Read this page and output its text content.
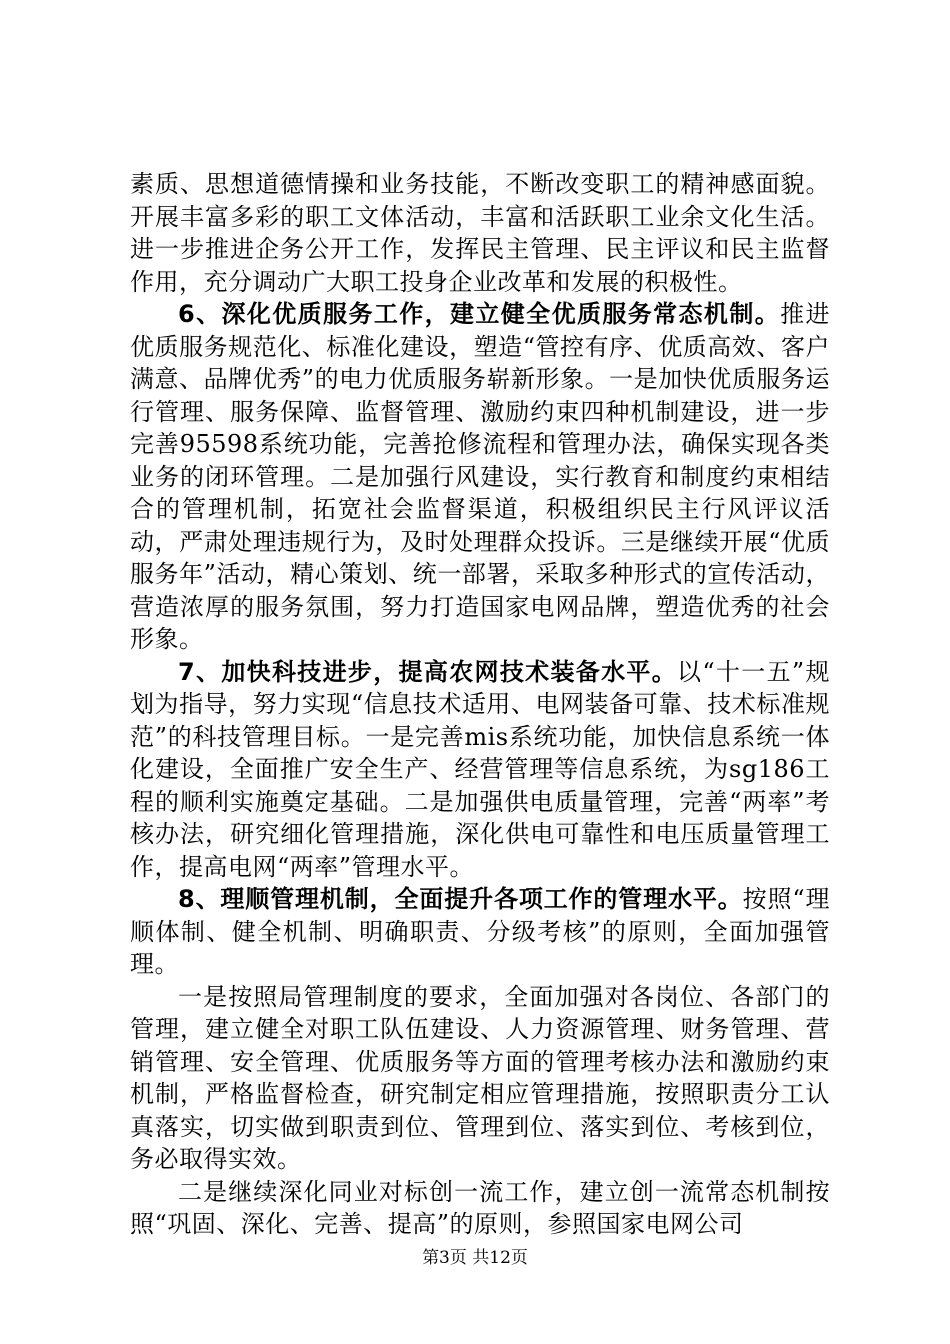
素质、思想道德情操和业务技能，不断改变职工的精神感面貌。开展丰富多彩的职工文体活动，丰富和活跃职工业余文化生活。进一步推进企务公开工作，发挥民主管理、民主评议和民主监督作用，充分调动广大职工投身企业改革和发展的积极性。

6、深化优质服务工作，建立健全优质服务常态机制。推进优质服务规范化、标准化建设，塑造“管控有序、优质高效、客户满意、品牌优秀”的电力优质服务崭新形象。一是加快优质服务运行管理、服务保障、监督管理、激励约束四种机制建设，进一步完善95598系统功能，完善抢修流程和管理办法，确保实现各类业务的闭环管理。二是加强行风建设，实行教育和制度约束相结合的管理机制，拓宽社会监督渠道，积极组织民主行风评议活动，严肃处理违规行为，及时处理群众投诉。三是继续开展“优质服务年”活动，精心策划、统一部署，采取多种形式的宣传活动，营造浓厚的服务氛围，努力打造国家电网品牌，塑造优秀的社会形象。

7、加快科技进步，提高农网技术装备水平。以“十一五”规划为指导，努力实现“信息技术适用、电网装备可靠、技术标准规范”的科技管理目标。一是完善mis系统功能，加快信息系统一体化建设，全面推广安全生产、经营管理等信息系统，为sg186工程的顺利实施奠定基础。二是加强供电质量管理，完善“两率”考核办法，研究细化管理措施，深化供电可靠性和电压质量管理工作，提高电网“两率”管理水平。

8、理顺管理机制，全面提升各项工作的管理水平。按照“理顺体制、健全机制、明确职责、分级考核”的原则，全面加强管理。

一是按照局管理制度的要求，全面加强对各岗位、各部门的管理，建立健全对职工队伍建设、人力资源管理、财务管理、营销管理、安全管理、优质服务等方面的管理考核办法和激励约束机制，严格监督检查，研究制定相应管理措施，按照职责分工认真落实，切实做到职责到位、管理到位、落实到位、考核到位，务必取得实效。

二是继续深化同业对标创一流工作，建立创一流常态机制按照“巩固、深化、完善、提高”的原则，参照国家电网公司

第3页 共12页
